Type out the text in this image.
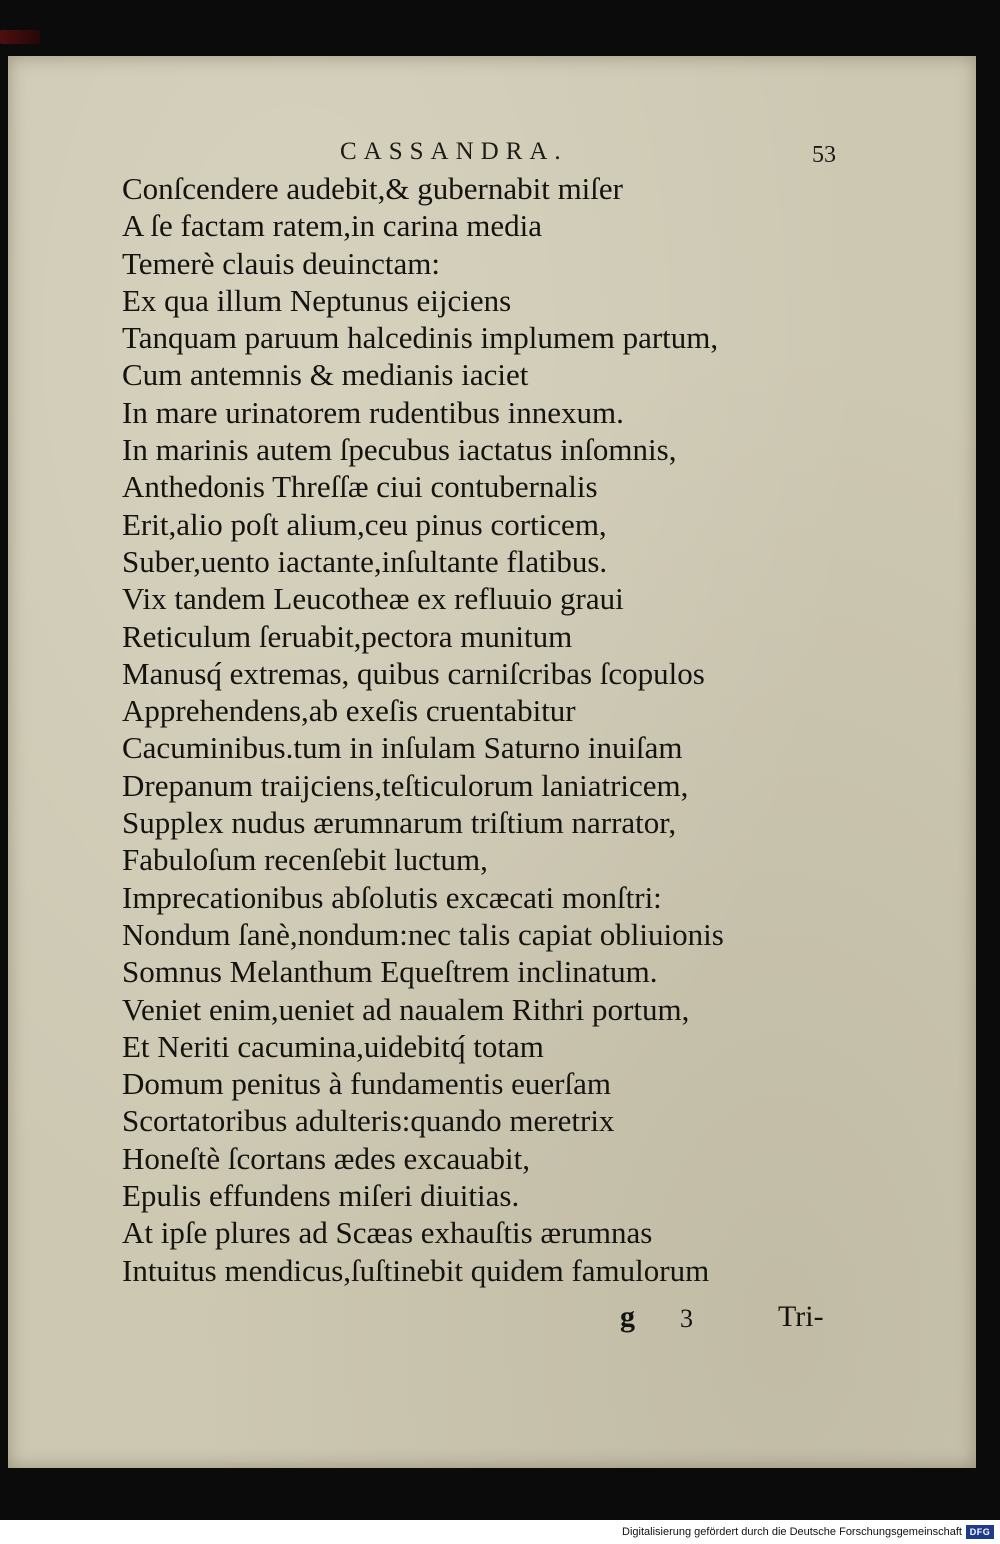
CASSANDRA.	53
Conſcendere audebit,& gubernabit miſer
A ſe factam ratem,in carina media
Temerè clauis deuinctam:
Ex qua illum Neptunus eijciens
Tanquam paruum halcedinis implumem partum,
Cum antemnis & medianis iaciet
In mare urinatorem rudentibus innexum.
In marinis autem ſpecubus iactatus inſomnis,
Anthedonis Threſſæ ciui contubernalis
Erit,alio poſt alium,ceu pinus corticem,
Suber,uento iactante,inſultante flatibus.
Vix tandem Leucotheæ ex refluuio graui
Reticulum ſeruabit,pectora munitum
Manusq́ extremas, quibus carniſcribas ſcopulos
Apprehendens,ab exeſis cruentabitur
Cacuminibus.tum in inſulam Saturno inuiſam
Drepanum traijciens,teſticulorum laniatricem,
Supplex nudus ærumnarum triſtium narrator,
Fabuloſum recenſebit luctum,
Imprecationibus abſolutis excæcati monſtri:
Nondum ſanè,nondum:nec talis capiat obliuionis
Somnus Melanthum Equeſtrem inclinatum.
Veniet enim,ueniet ad naualem Rithri portum,
Et Neriti cacumina,uidebitq́ totam
Domum penitus à fundamentis euerſam
Scortatoribus adulteris:quando meretrix
Honeſtè ſcortans ædes excauabit,
Epulis effundens miſeri diuitias.
At ipſe plures ad Scæas exhauſtis ærumnas
Intuitus mendicus,ſuſtinebit quidem famulorum
g 3	Tri-
Digitalisierung gefördert durch die Deutsche Forschungsgemeinschaft DFG
